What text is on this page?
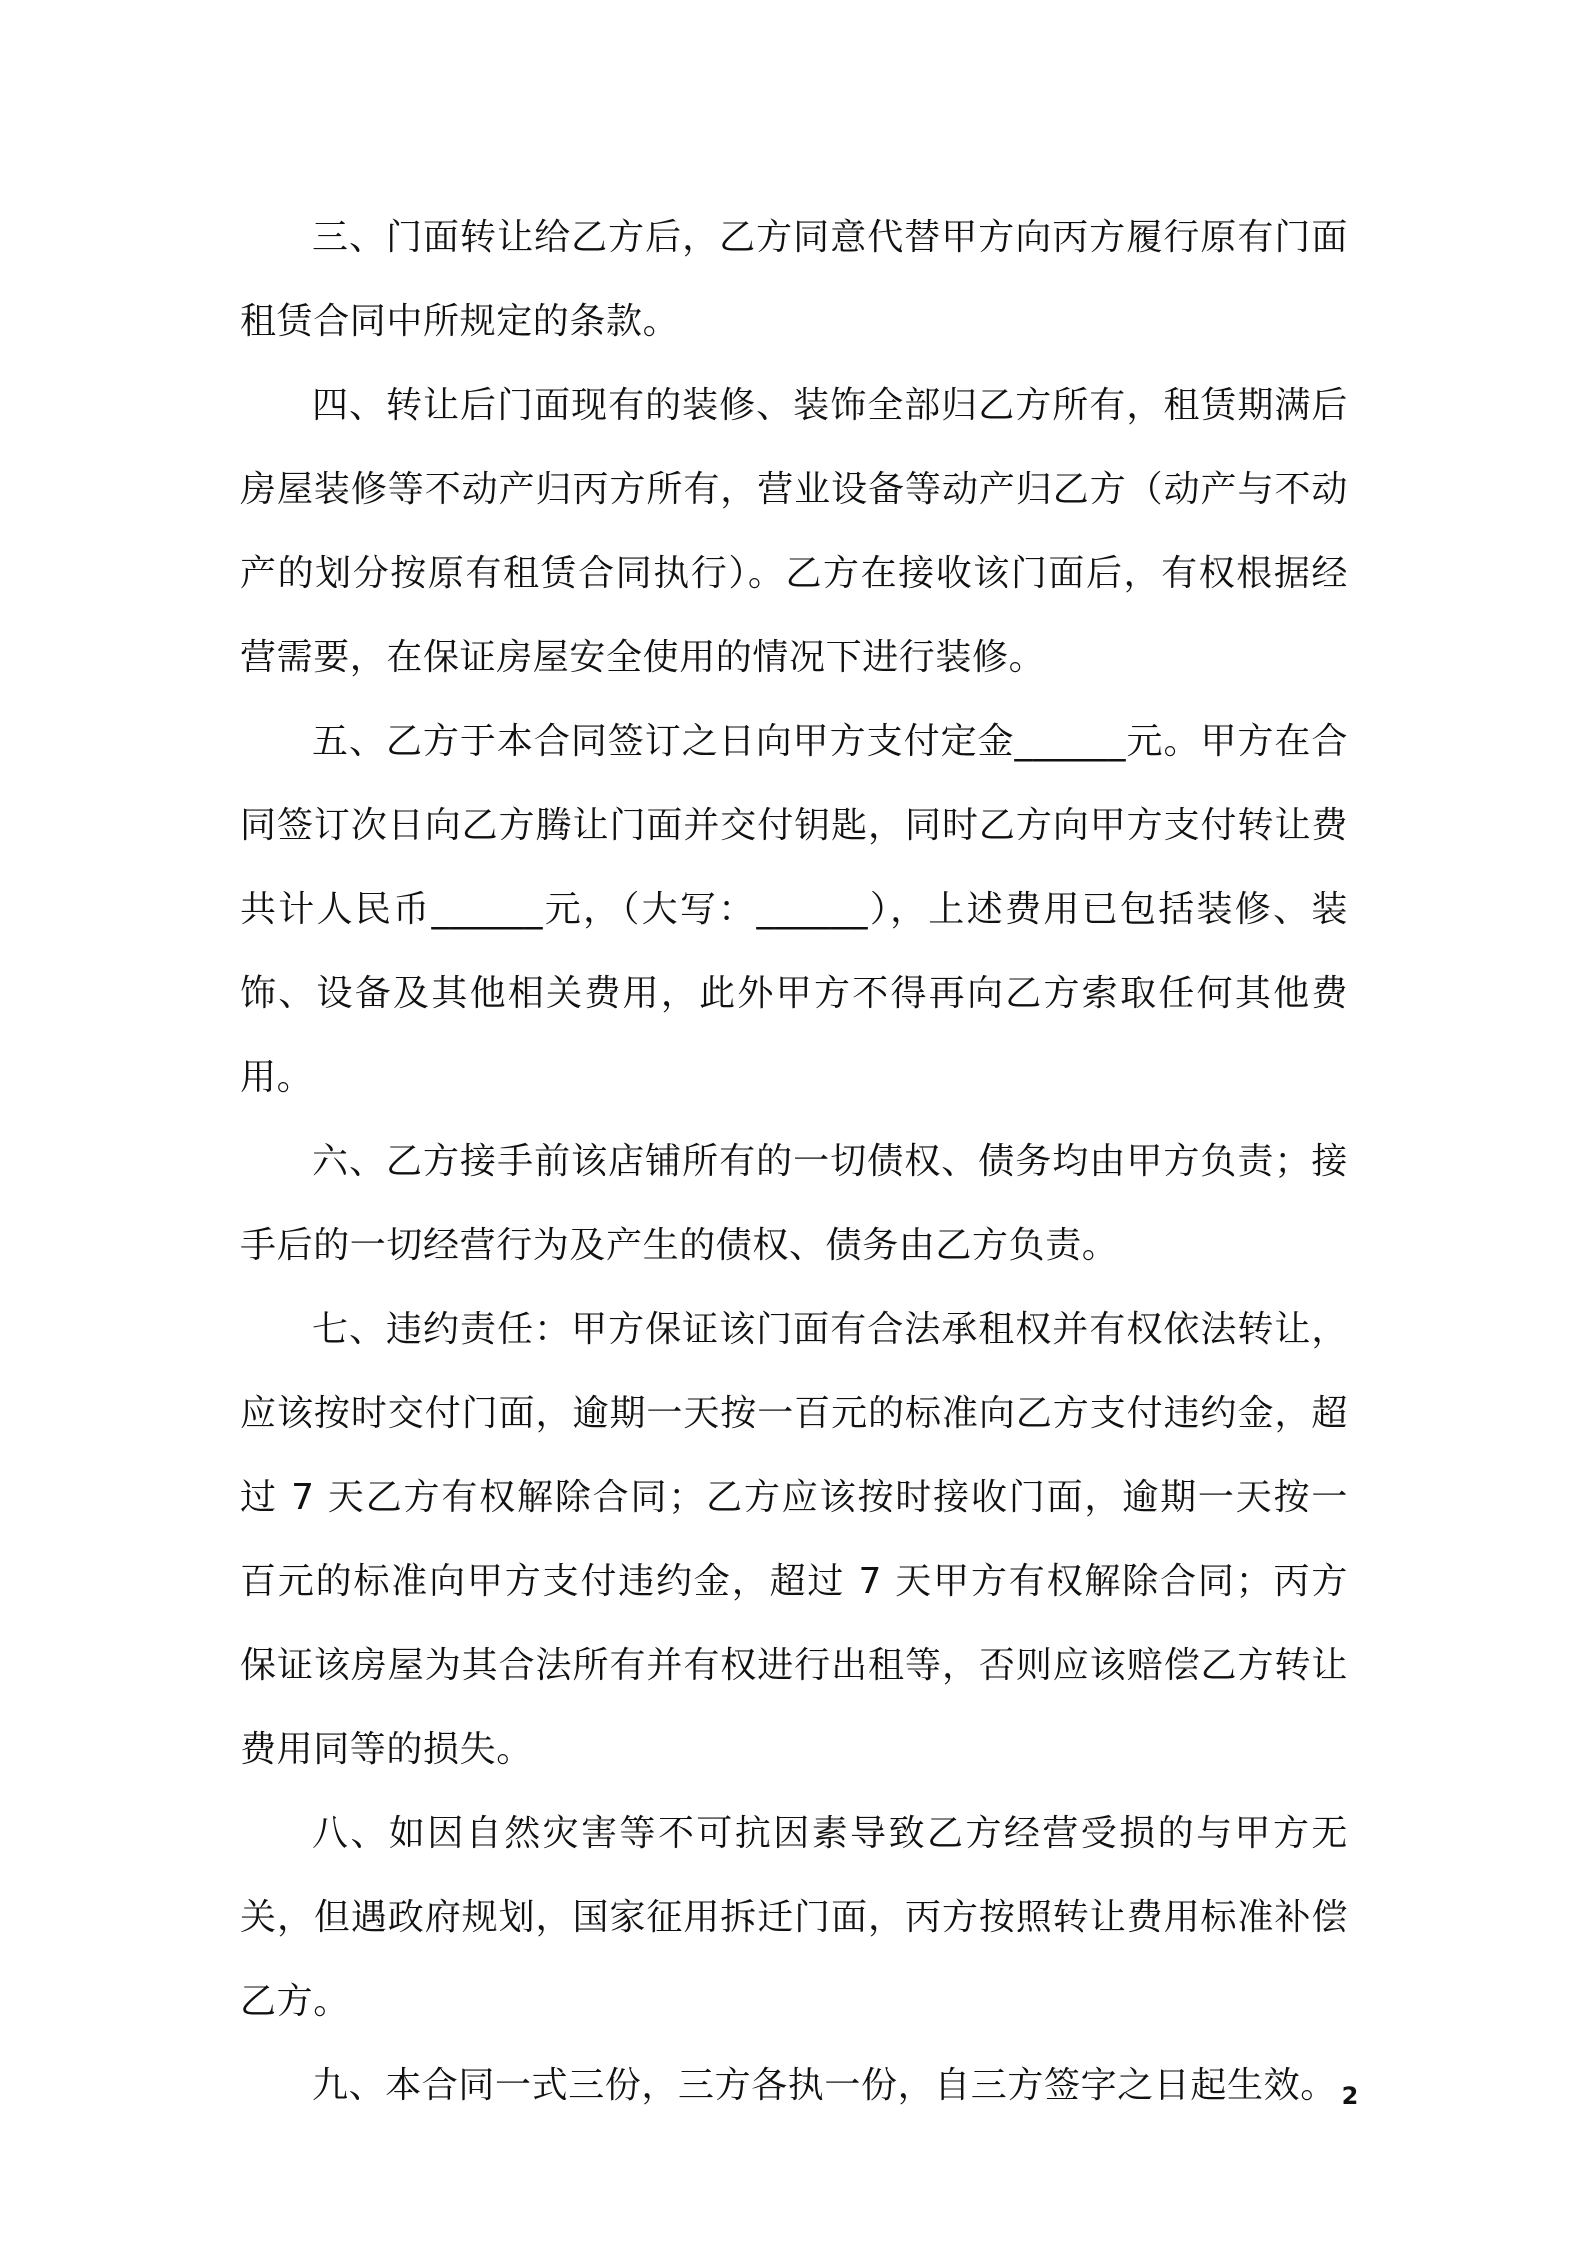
三、门面转让给乙方后，乙方同意代替甲方向丙方履行原有门面租赁合同中所规定的条款。

四、转让后门面现有的装修、装饰全部归乙方所有，租赁期满后房屋装修等不动产归丙方所有，营业设备等动产归乙方（动产与不动产的划分按原有租赁合同执行）。乙方在接收该门面后，有权根据经营需要，在保证房屋安全使用的情况下进行装修。

五、乙方于本合同签订之日向甲方支付定金______元。甲方在合同签订次日向乙方腾让门面并交付钥匙，同时乙方向甲方支付转让费共计人民币______元，（大写：______），上述费用已包括装修、装饰、设备及其他相关费用，此外甲方不得再向乙方索取任何其他费用。

六、乙方接手前该店铺所有的一切债权、债务均由甲方负责；接手后的一切经营行为及产生的债权、债务由乙方负责。

七、违约责任：甲方保证该门面有合法承租权并有权依法转让，应该按时交付门面，逾期一天按一百元的标准向乙方支付违约金，超过 7 天乙方有权解除合同；乙方应该按时接收门面，逾期一天按一百元的标准向甲方支付违约金，超过 7 天甲方有权解除合同；丙方保证该房屋为其合法所有并有权进行出租等，否则应该赔偿乙方转让费用同等的损失。

八、如因自然灾害等不可抗因素导致乙方经营受损的与甲方无关，但遇政府规划，国家征用拆迁门面，丙方按照转让费用标准补偿乙方。

九、本合同一式三份，三方各执一份，自三方签字之日起生效。 2
